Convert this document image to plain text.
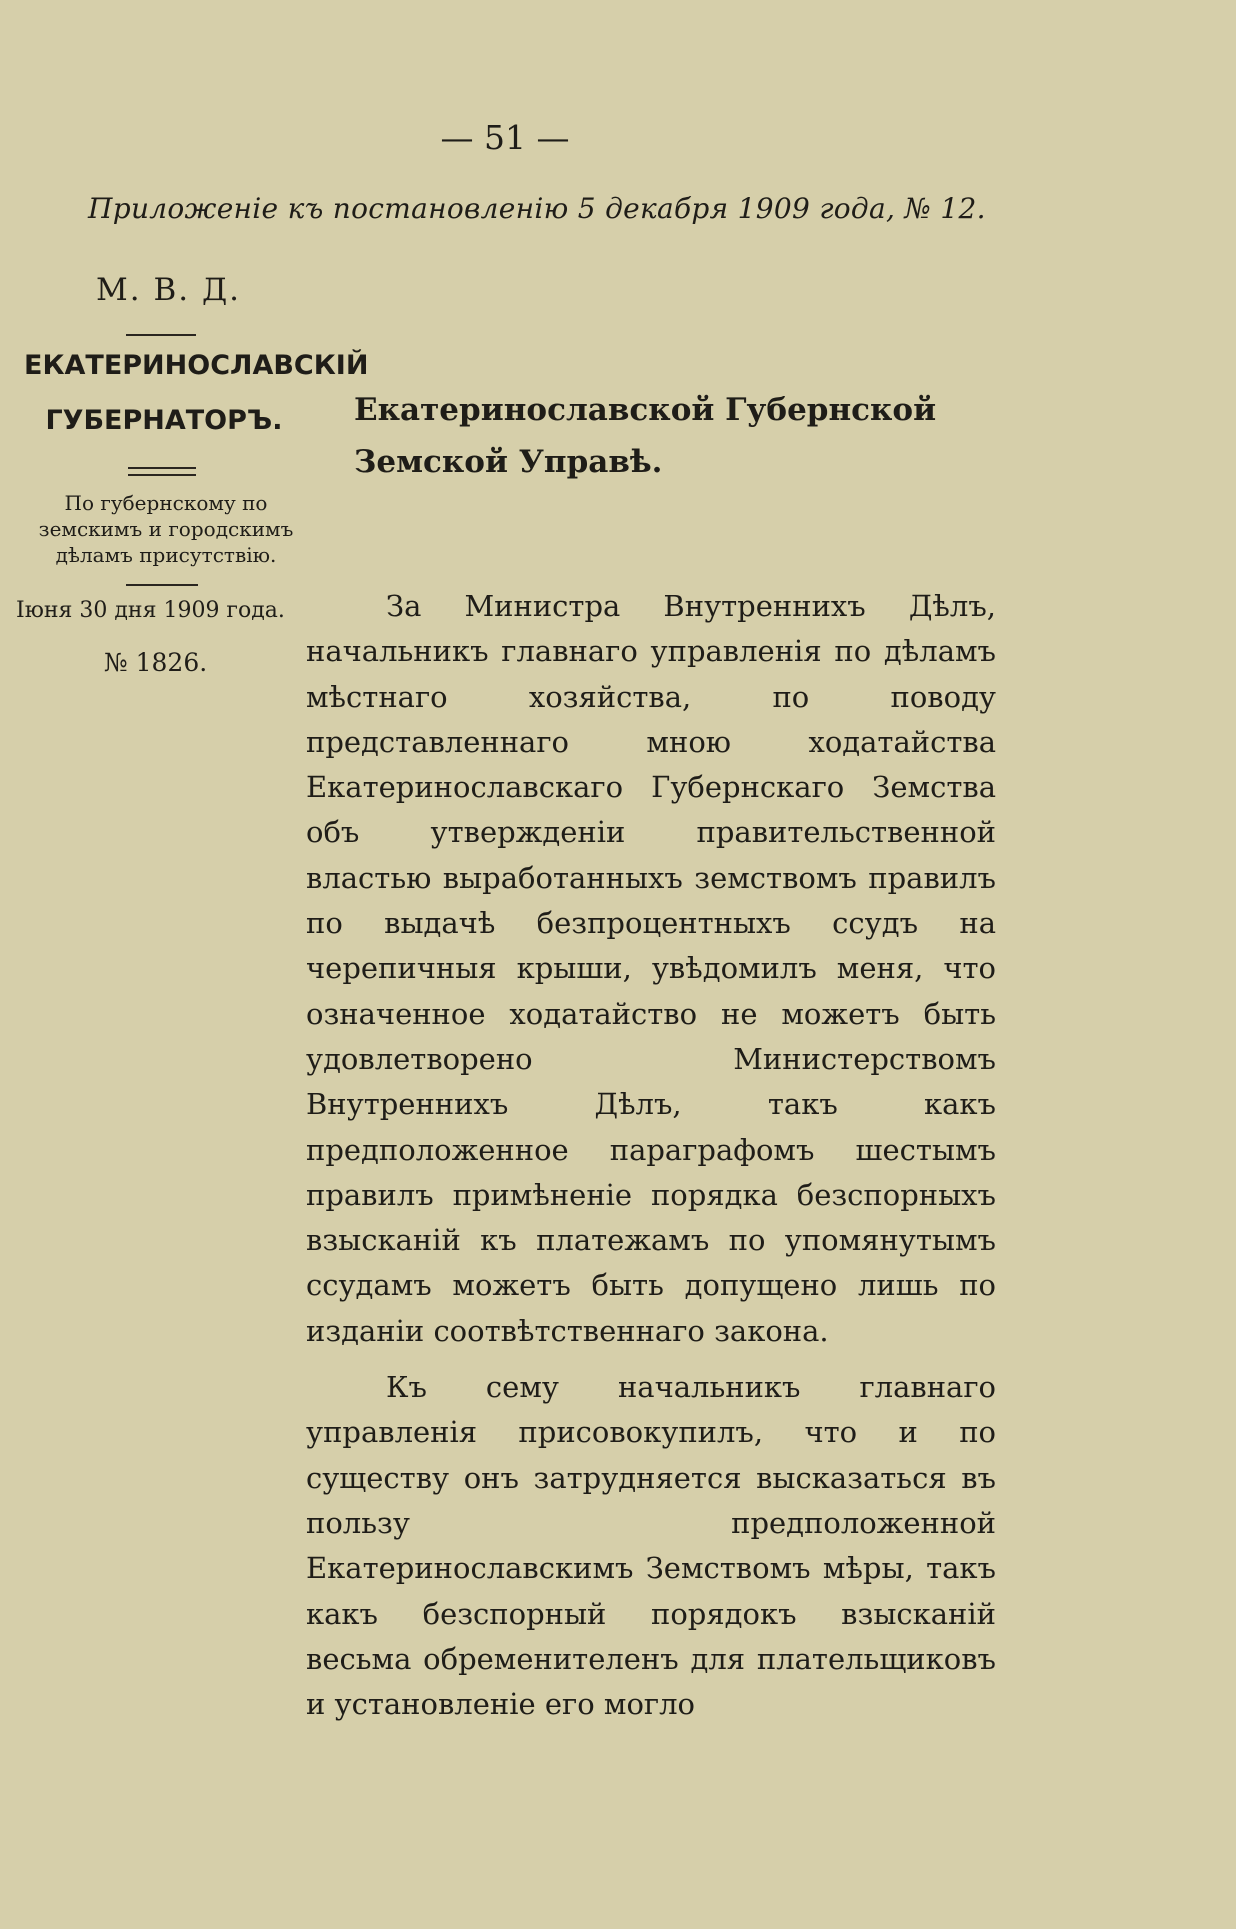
— 51 —
Приложенiе къ постановленiю 5 декабря 1909 года, № 12.
М. В. Д.
ЕКАТЕРИНОСЛАВСКIЙ
ГУБЕРНАТОРЪ.
По губернскому по земскимъ и городскимъ дѣламъ присутствiю.
Iюня 30 дня 1909 года.
№ 1826.
Екатеринославской Губернской Земской Управѣ.

За Министра Внутреннихъ Дѣлъ, начальникъ главнаго управленiя по дѣламъ мѣстнаго хозяйства, по поводу представленнаго мною ходатайства Екатеринославскаго Губернскаго Земства объ утвержденiи правительственной властью выработанныхъ земствомъ правилъ по выдачѣ безпроцентныхъ ссудъ на черепичныя крыши, увѣдомилъ меня, что означенное ходатайство не можетъ быть удовлетворено Министерствомъ Внутреннихъ Дѣлъ, такъ какъ предположенное параграфомъ шестымъ правилъ примѣненiе порядка безспорныхъ взысканiй къ платежамъ по упомянутымъ ссудамъ можетъ быть допущено лишь по изданiи соотвѣтственнаго закона.

Къ сему начальникъ главнаго управленiя присовокупилъ, что и по существу онъ затрудняется высказаться въ пользу предположенной Екатеринославскимъ Земствомъ мѣры, такъ какъ безспорный порядокъ взысканiй весьма обременителенъ для плательщиковъ и установленiе его могло
